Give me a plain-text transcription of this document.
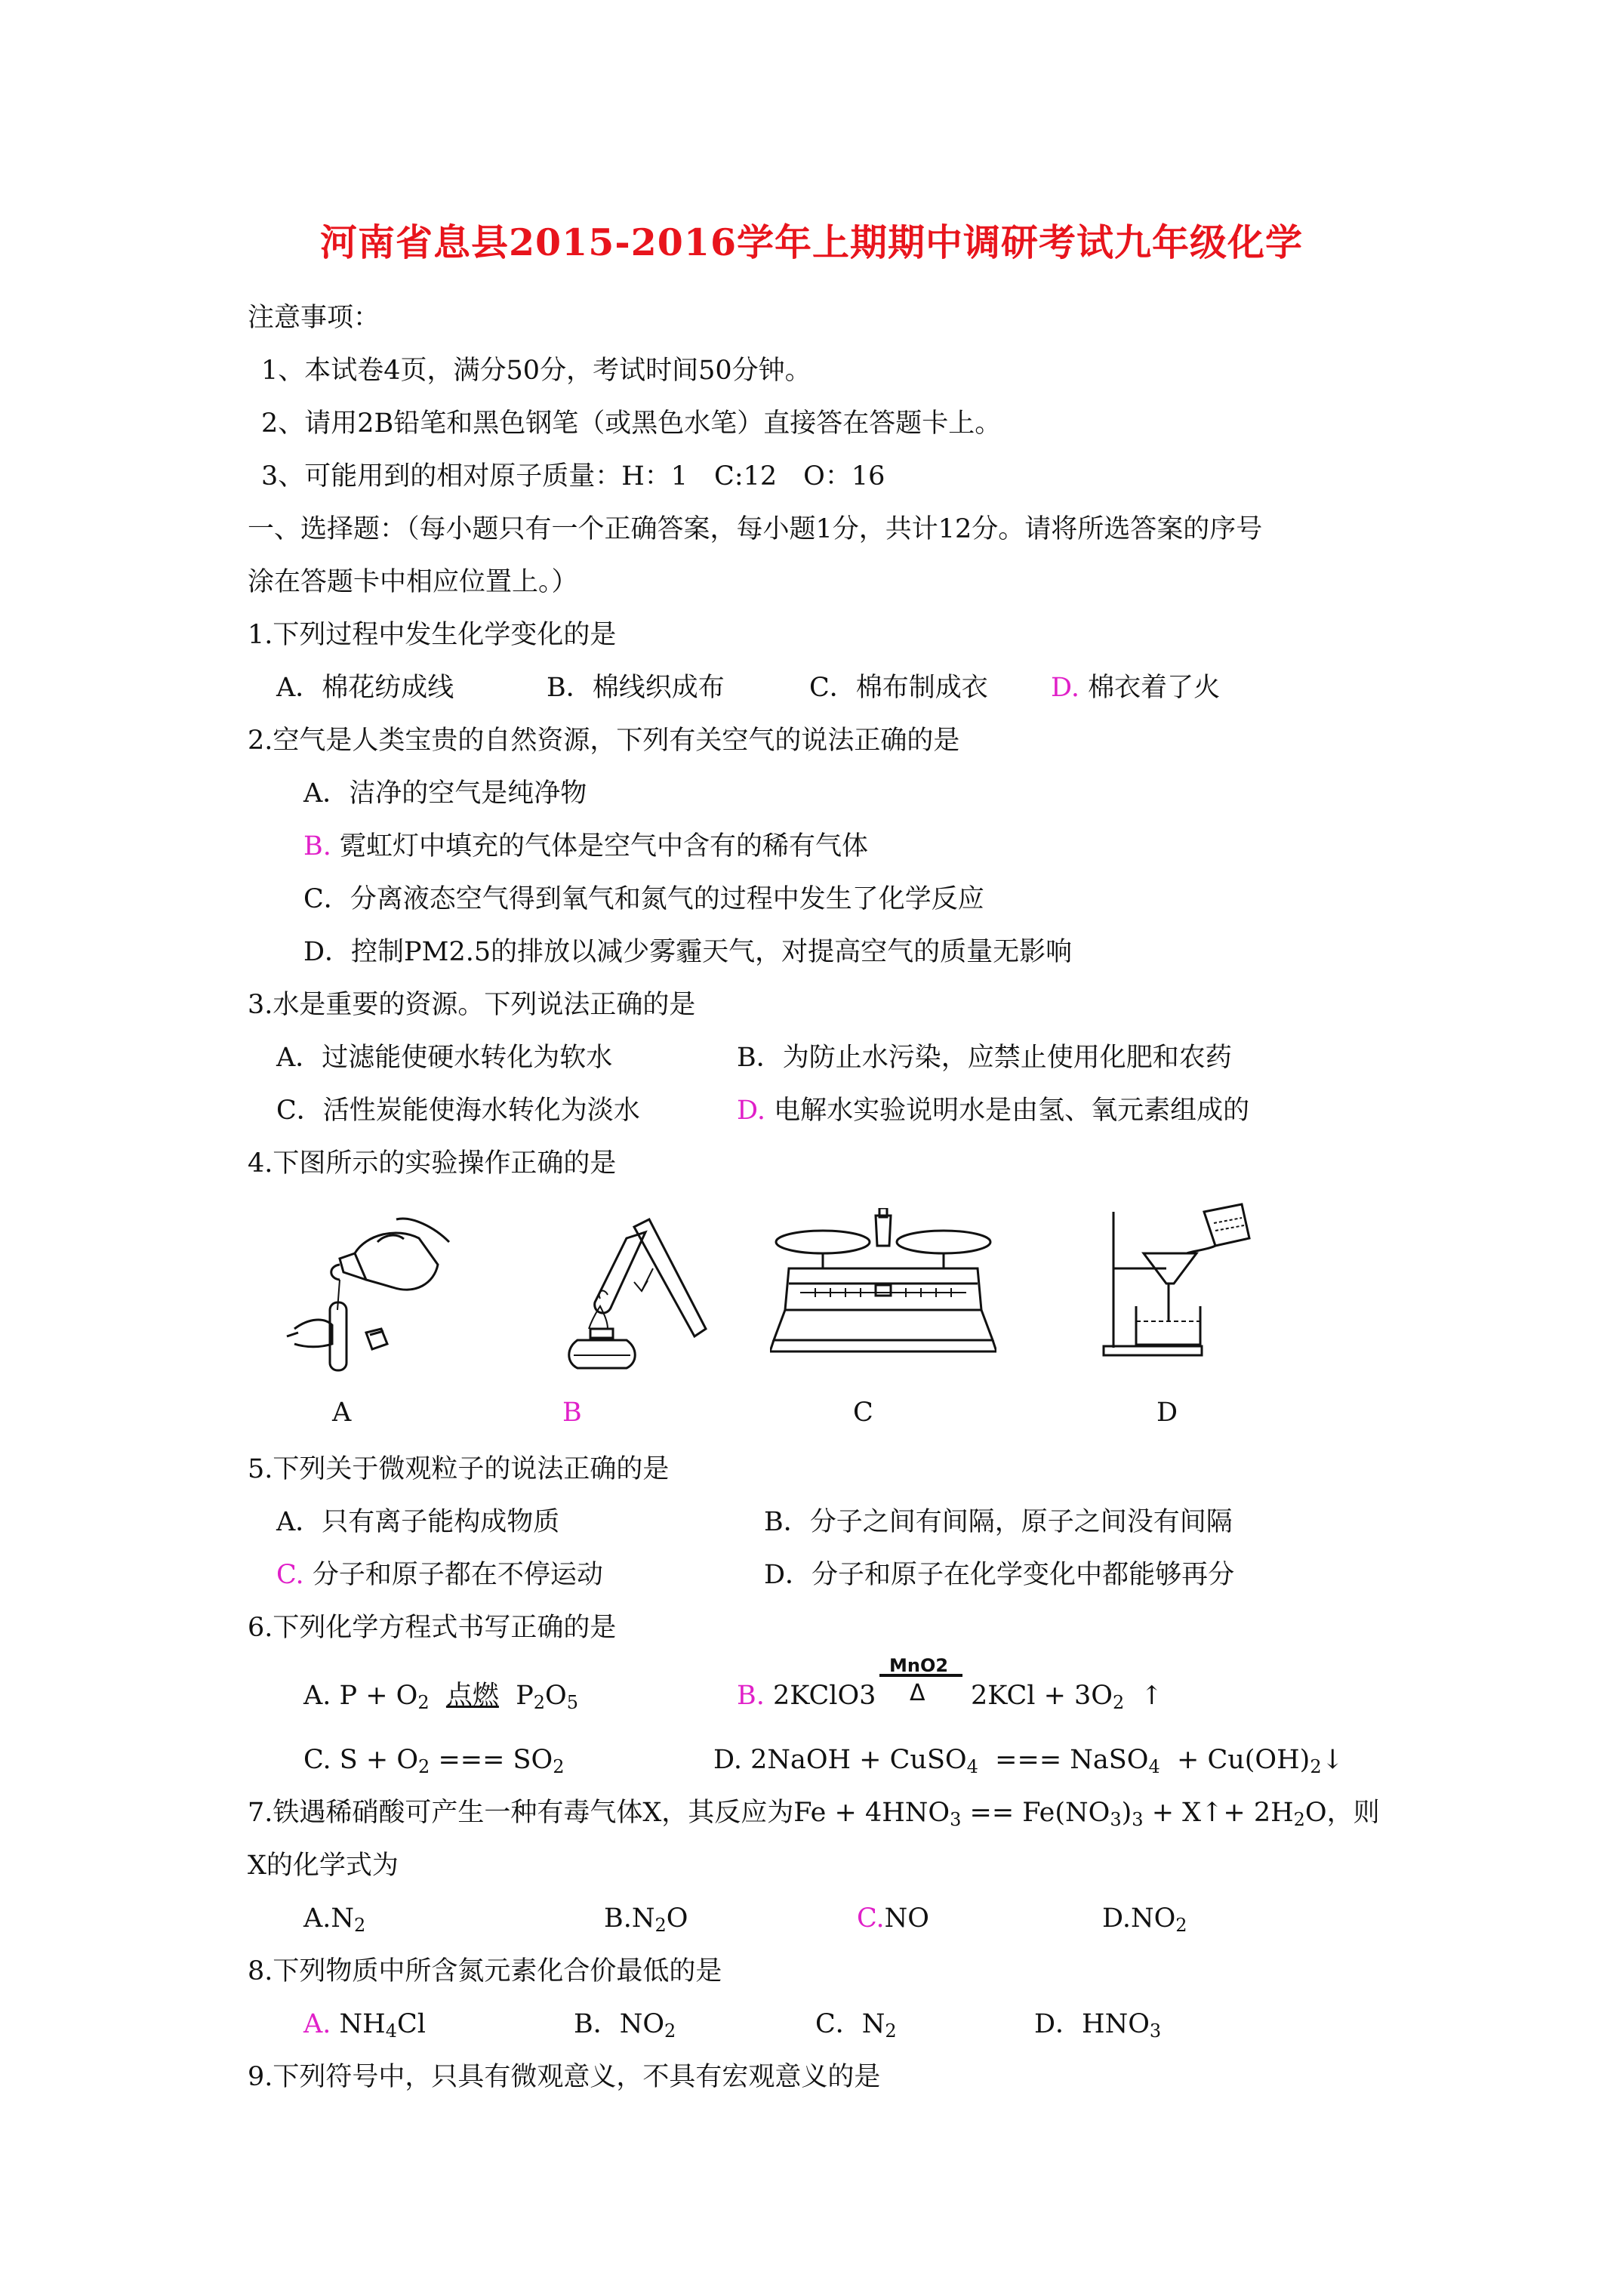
河南省息县2015-2016学年上期期中调研考试九年级化学
注意事项：
1、本试卷4页，满分50分，考试时间50分钟。
2、请用2B铅笔和黑色钢笔（或黑色水笔）直接答在答题卡上。
3、可能用到的相对原子质量：H：1　C:12　O：16
一、选择题：（每小题只有一个正确答案，每小题1分，共计12分。请将所选答案的序号
涂在答题卡中相应位置上。）
1.下列过程中发生化学变化的是
A．棉花纺成线	B．棉线织成布	C．棉布制成衣 D. 棉衣着了火
2.空气是人类宝贵的自然资源，下列有关空气的说法正确的是
A．洁净的空气是纯净物
B. 霓虹灯中填充的气体是空气中含有的稀有气体
C．分离液态空气得到氧气和氮气的过程中发生了化学反应
D．控制PM2.5的排放以减少雾霾天气，对提高空气的质量无影响
3.水是重要的资源。下列说法正确的是
A．过滤能使硬水转化为软水	B．为防止水污染，应禁止使用化肥和农药
C．活性炭能使海水转化为淡水	D. 电解水实验说明水是由氢、氧元素组成的
4.下图所示的实验操作正确的是
A	B	C	D
5.下列关于微观粒子的说法正确的是
A．只有离子能构成物质	B．分子之间有间隔，原子之间没有间隔
C. 分子和原子都在不停运动	D．分子和原子在化学变化中都能够再分
6.下列化学方程式书写正确的是
A. $P + O_2$ 点燃 $P_2O_5$	B. 2KClO3
MnO2
Δ $2KCl + 3O_2$ ↑
C. $S + O_2$ === $SO_2$	D. 2NaOH + CuSO$_4$  === NaSO$_4$  + $Cu(OH)_2↓$
7.铁遇稀硝酸可产生一种有毒气体X，其反应为$Fe + 4HNO_3 == Fe(NO_3)_3$ + X↑+ $2H_2O$，则
X的化学式为
$A.N_2$	$B.N_2O$	C.NO	$D.NO_2$
8.下列物质中所含氮元素化合价最低的是
A. $NH_4Cl$	B．$NO_2$	C．$N_2$	D．$HNO_3$
9.下列符号中，只具有微观意义，不具有宏观意义的是
